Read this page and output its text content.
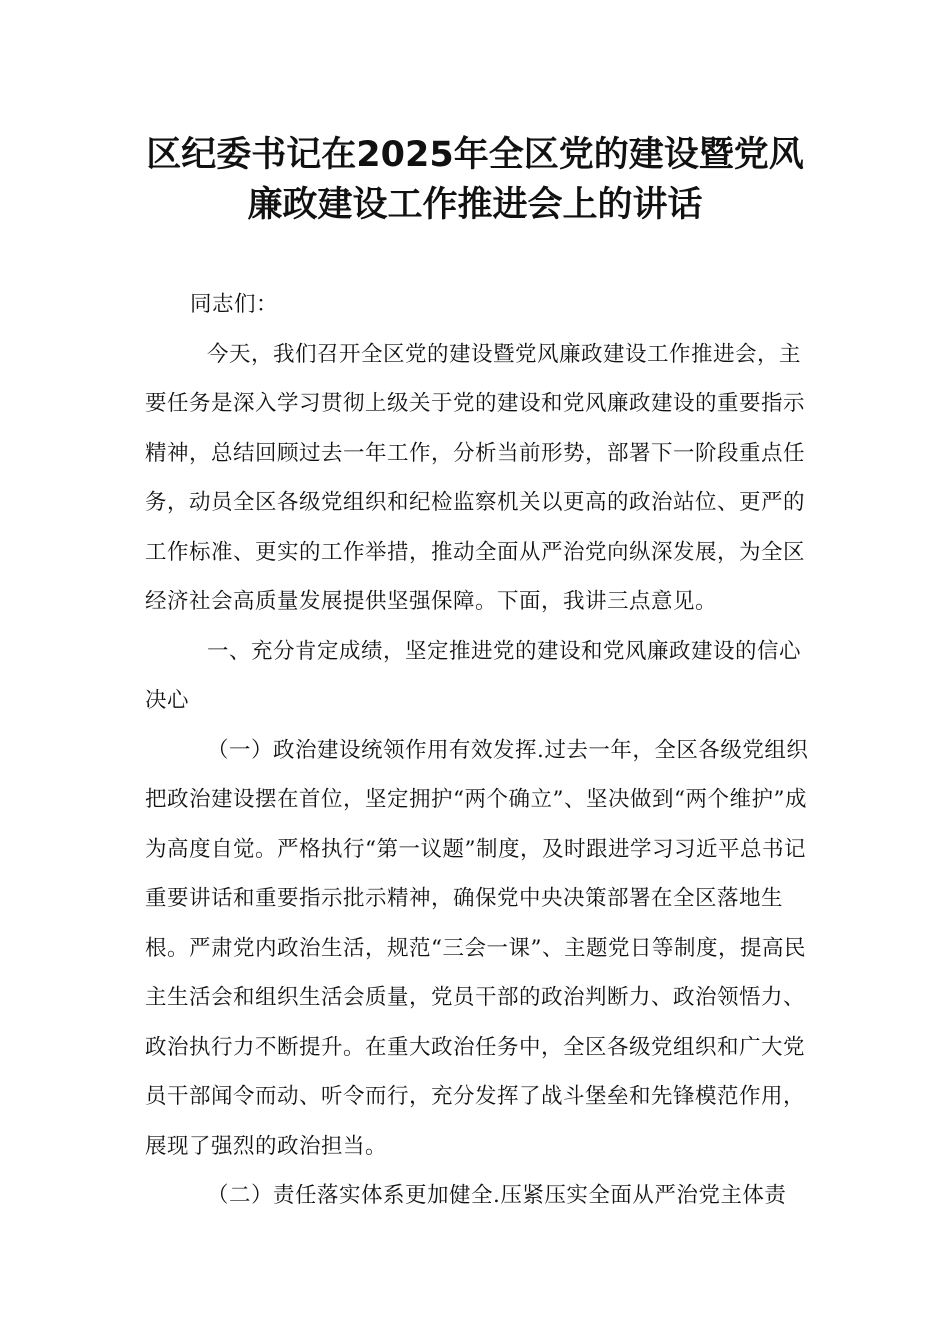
区纪委书记在2025年全区党的建设暨党风
廉政建设工作推进会上的讲话

同志们：

今天，我们召开全区党的建设暨党风廉政建设工作推进会，主要任务是深入学习贯彻上级关于党的建设和党风廉政建设的重要指示精神，总结回顾过去一年工作，分析当前形势，部署下一阶段重点任务，动员全区各级党组织和纪检监察机关以更高的政治站位、更严的工作标准、更实的工作举措，推动全面从严治党向纵深发展，为全区经济社会高质量发展提供坚强保障。下面，我讲三点意见。

一、充分肯定成绩，坚定推进党的建设和党风廉政建设的信心决心

（一）政治建设统领作用有效发挥.过去一年，全区各级党组织把政治建设摆在首位，坚定拥护“两个确立”、坚决做到“两个维护”成为高度自觉。严格执行“第一议题”制度，及时跟进学习习近平总书记重要讲话和重要指示批示精神，确保党中央决策部署在全区落地生根。严肃党内政治生活，规范“三会一课”、主题党日等制度，提高民主生活会和组织生活会质量，党员干部的政治判断力、政治领悟力、政治执行力不断提升。在重大政治任务中，全区各级党组织和广大党员干部闻令而动、听令而行，充分发挥了战斗堡垒和先锋模范作用，展现了强烈的政治担当。

（二）责任落实体系更加健全.压紧压实全面从严治党主体责
